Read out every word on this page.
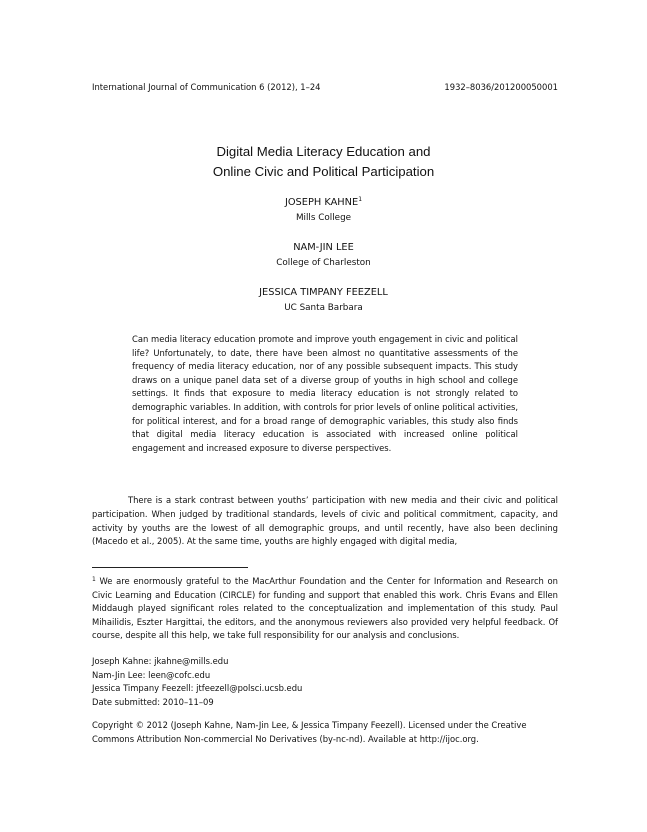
International Journal of Communication 6 (2012), 1–24	1932–8036/201200050001
Digital Media Literacy Education and
Online Civic and Political Participation
JOSEPH KAHNE$^1$
Mills College
NAM-JIN LEE
College of Charleston
JESSICA TIMPANY FEEZELL
UC Santa Barbara

Can media literacy education promote and improve youth engagement in civic and political life? Unfortunately, to date, there have been almost no quantitative assessments of the frequency of media literacy education, nor of any possible subsequent impacts. This study draws on a unique panel data set of a diverse group of youths in high school and college settings. It finds that exposure to media literacy education is not strongly related to demographic variables. In addition, with controls for prior levels of online political activities, for political interest, and for a broad range of demographic variables, this study also finds that digital media literacy education is associated with increased online political engagement and increased exposure to diverse perspectives.

There is a stark contrast between youths’ participation with new media and their civic and political participation. When judged by traditional standards, levels of civic and political commitment, capacity, and activity by youths are the lowest of all demographic groups, and until recently, have also been declining (Macedo et al., 2005). At the same time, youths are highly engaged with digital media,

$^1$ We are enormously grateful to the MacArthur Foundation and the Center for Information and Research on Civic Learning and Education (CIRCLE) for funding and support that enabled this work. Chris Evans and Ellen Middaugh played significant roles related to the conceptualization and implementation of this study. Paul Mihailidis, Eszter Hargittai, the editors, and the anonymous reviewers also provided very helpful feedback. Of course, despite all this help, we take full responsibility for our analysis and conclusions.

Joseph Kahne: jkahne@mills.edu
Nam-Jin Lee: leen@cofc.edu
Jessica Timpany Feezell: jtfeezell@polsci.ucsb.edu
Date submitted: 2010–11–09

Copyright © 2012 (Joseph Kahne, Nam-Jin Lee, & Jessica Timpany Feezell). Licensed under the Creative Commons Attribution Non-commercial No Derivatives (by-nc-nd). Available at http://ijoc.org.
